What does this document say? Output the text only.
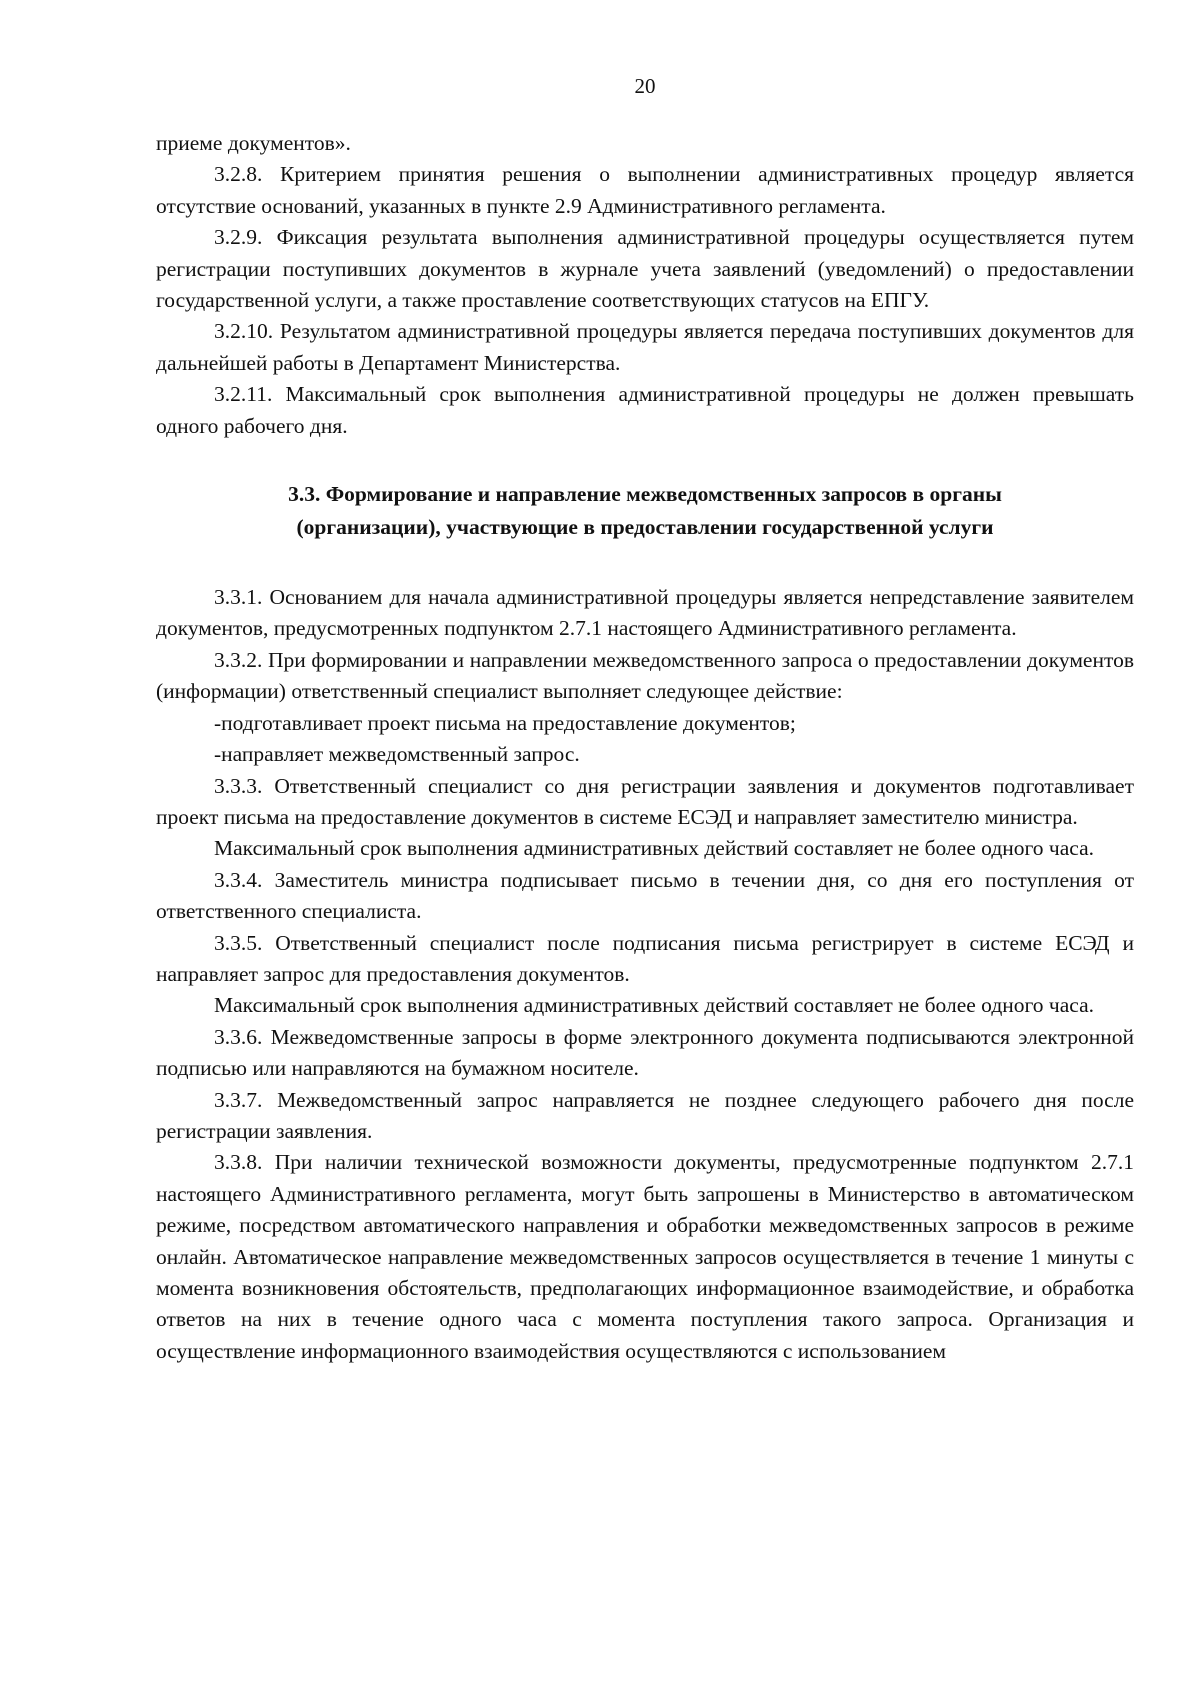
20

приеме документов».

3.2.8. Критерием принятия решения о выполнении административных процедур является отсутствие оснований, указанных в пункте 2.9 Административного регламента.

3.2.9. Фиксация результата выполнения административной процедуры осуществляется путем регистрации поступивших документов в журнале учета заявлений (уведомлений) о предоставлении государственной услуги, а также проставление соответствующих статусов на ЕПГУ.

3.2.10. Результатом административной процедуры является передача поступивших документов для дальнейшей работы в Департамент Министерства.

3.2.11. Максимальный срок выполнения административной процедуры не должен превышать одного рабочего дня.

3.3. Формирование и направление межведомственных запросов в органы
(организации), участвующие в предоставлении государственной услуги

3.3.1. Основанием для начала административной процедуры является непредставление заявителем документов, предусмотренных подпунктом 2.7.1 настоящего Административного регламента.

3.3.2. При формировании и направлении межведомственного запроса о предоставлении документов (информации) ответственный специалист выполняет следующее действие:

-подготавливает проект письма на предоставление документов;

-направляет межведомственный запрос.

3.3.3. Ответственный специалист со дня регистрации заявления и документов подготавливает проект письма на предоставление документов в системе ЕСЭД и направляет заместителю министра.

Максимальный срок выполнения административных действий составляет не более одного часа.

3.3.4. Заместитель министра подписывает письмо в течении дня, со дня его поступления от ответственного специалиста.

3.3.5. Ответственный специалист после подписания письма регистрирует в системе ЕСЭД и направляет запрос для предоставления документов.

Максимальный срок выполнения административных действий составляет не более одного часа.

3.3.6. Межведомственные запросы в форме электронного документа подписываются электронной подписью или направляются на бумажном носителе.

3.3.7. Межведомственный запрос направляется не позднее следующего рабочего дня после регистрации заявления.

3.3.8. При наличии технической возможности документы, предусмотренные подпунктом 2.7.1 настоящего Административного регламента, могут быть запрошены в Министерство в автоматическом режиме, посредством автоматического направления и обработки межведомственных запросов в режиме онлайн. Автоматическое направление межведомственных запросов осуществляется в течение 1 минуты с момента возникновения обстоятельств, предполагающих информационное взаимодействие, и обработка ответов на них в течение одного часа с момента поступления такого запроса. Организация и осуществление информационного взаимодействия осуществляются с использованием
